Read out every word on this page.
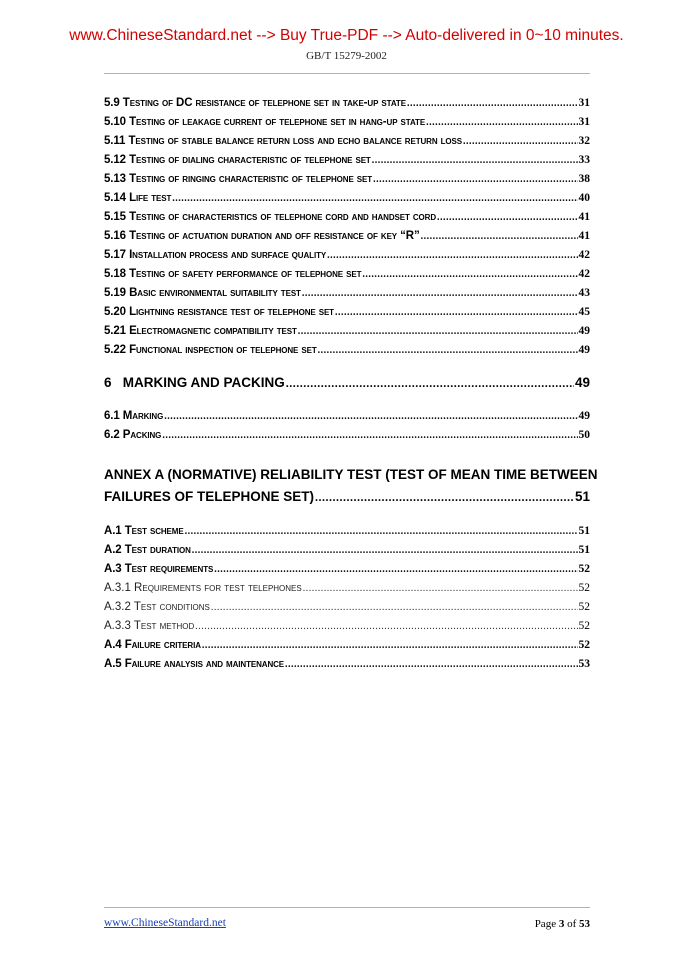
www.ChineseStandard.net --> Buy True-PDF --> Auto-delivered in 0~10 minutes.
GB/T 15279-2002
5.9 Testing of DC resistance of telephone set in take-up state .....	31
5.10 Testing of leakage current of telephone set in hang-up state .....	31
5.11 Testing of stable balance return loss and echo balance return loss .....	32
5.12 Testing of dialing characteristic of telephone set .....	33
5.13 Testing of ringing characteristic of telephone set .....	38
5.14 Life test .....	40
5.15 Testing of characteristics of telephone cord and handset cord .....	41
5.16 Testing of actuation duration and off resistance of key “R” .....	41
5.17 Installation process and surface quality .....	42
5.18 Testing of safety performance of telephone set .....	42
5.19 Basic environmental suitability test .....	43
5.20 Lightning resistance test of telephone set .....	45
5.21 Electromagnetic compatibility test .....	49
5.22 Functional inspection of telephone set .....	49
6   MARKING AND PACKING .....	49
6.1 Marking .....	49
6.2 Packing .....	50
ANNEX A (NORMATIVE) RELIABILITY TEST (TEST OF MEAN TIME BETWEEN
FAILURES OF TELEPHONE SET) .....	51
A.1 Test scheme .....	51
A.2 Test duration .....	51
A.3 Test requirements .....	52
A.3.1 Requirements for test telephones .....	52
A.3.2 Test conditions .....	52
A.3.3 Test method .....	52
A.4 Failure criteria .....	52
A.5 Failure analysis and maintenance .....	53
www.ChineseStandard.net	Page 3 of 53
